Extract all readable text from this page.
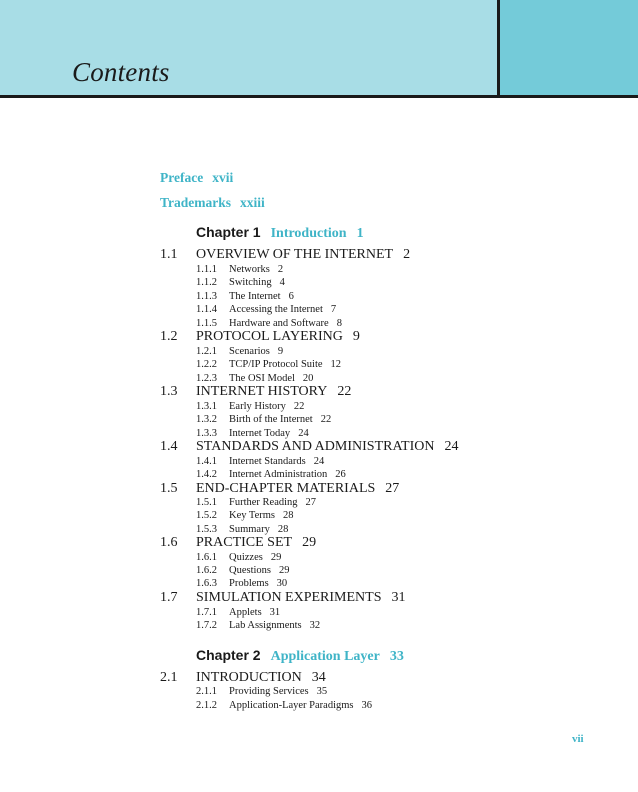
Contents
Preface xvii
Trademarks xxiii
Chapter 1 Introduction 1
1.1 OVERVIEW OF THE INTERNET 2
1.1.1 Networks 2
1.1.2 Switching 4
1.1.3 The Internet 6
1.1.4 Accessing the Internet 7
1.1.5 Hardware and Software 8
1.2 PROTOCOL LAYERING 9
1.2.1 Scenarios 9
1.2.2 TCP/IP Protocol Suite 12
1.2.3 The OSI Model 20
1.3 INTERNET HISTORY 22
1.3.1 Early History 22
1.3.2 Birth of the Internet 22
1.3.3 Internet Today 24
1.4 STANDARDS AND ADMINISTRATION 24
1.4.1 Internet Standards 24
1.4.2 Internet Administration 26
1.5 END-CHAPTER MATERIALS 27
1.5.1 Further Reading 27
1.5.2 Key Terms 28
1.5.3 Summary 28
1.6 PRACTICE SET 29
1.6.1 Quizzes 29
1.6.2 Questions 29
1.6.3 Problems 30
1.7 SIMULATION EXPERIMENTS 31
1.7.1 Applets 31
1.7.2 Lab Assignments 32
Chapter 2 Application Layer 33
2.1 INTRODUCTION 34
2.1.1 Providing Services 35
2.1.2 Application-Layer Paradigms 36
vii
